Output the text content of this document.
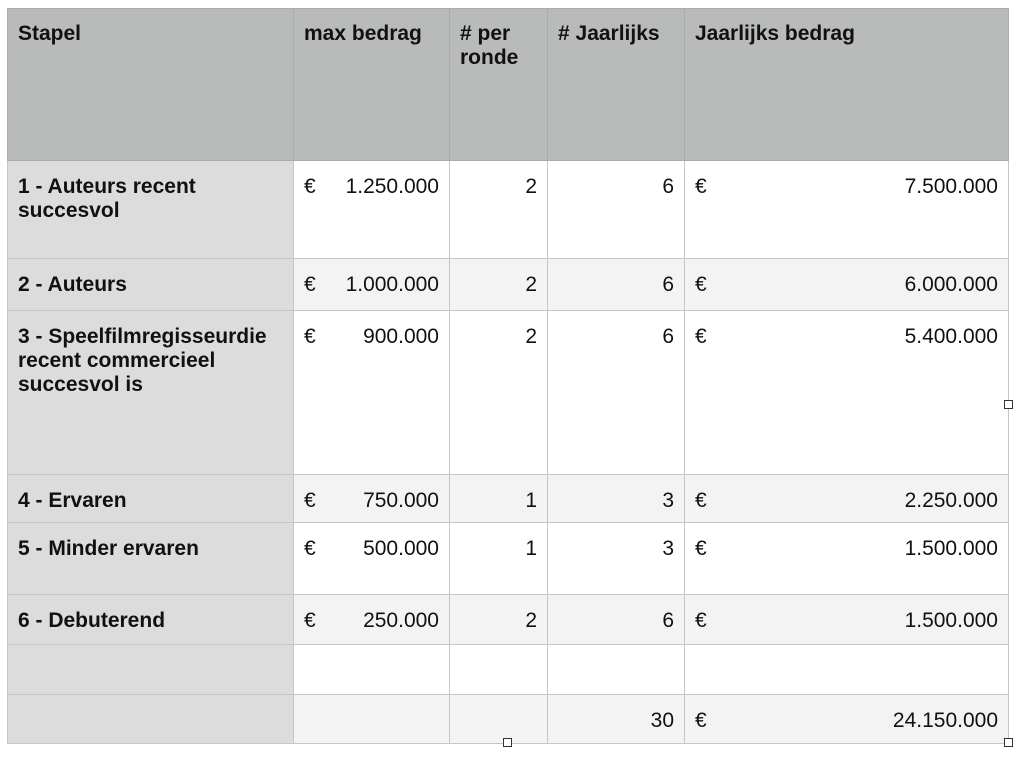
Stapel	max bedrag	# per ronde	# Jaarlijks	Jaarlijks bedrag
1 - Auteurs recent succesvol	€ 1.250.000	2	6	€ 7.500.000

2 - Auteurs	€ 1.000.000	2	6	€ 6.000.000

3 - Speelfilmregisseurdie recent commercieel succesvol is	€ 900.000	2	6	€ 5.400.000

4 - Ervaren	€ 750.000	1	3	€ 2.250.000

5 - Minder ervaren	€ 500.000	1	3	€ 1.500.000

6 - Debuterend	€ 250.000	2	6	€ 1.500.000

			30	€ 24.150.000
